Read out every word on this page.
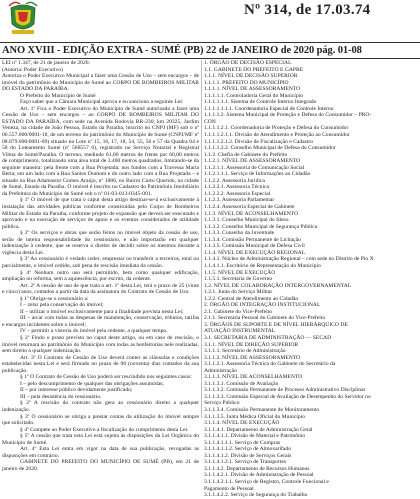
Nº 314, de 17.03.74
ANO XVIII - EDIÇÃO EXTRA - SUMÉ (PB) 22 de JANEIRO de 2020 pág. 01-08

LEI nº 1.347, de 21 de janeiro de 2020.

(Autoria: Poder Executivo)

Autoriza o Poder Executivo Municipal a fazer uma Cessão de Uso – sem encargos – de imóvel do patrimônio do Município de Sumé ao CORPO DE BOMBEIROS MILITAR DO ESTADO DA PARAÍBA.

O Prefeito do Município de Sumé

Faço saber que a Câmara Municipal aprova e eu sanciono a seguinte Lei:

Art. 1º Fica o Poder Executivo do Município de Sumé autorizado a fazer uma Cessão de Uso – sem encargos – ao CORPO DE BOMBEIROS MILITAR DO ESTADO DA PARAÍBA, com sede na Avenida Rodovia BR-230, km 20325, Jardim Veneza, na cidade de João Pessoa, Estado da Paraíba, inscrito no CNPJ (MF) sob o nº 06.557.000/0001-18, de um terreno do patrimônio do Município de Sumé (CNPJ/MF nº 08.879.000/0001-09) situado no Lote nº 15, 16, 17, 18, 54, 55, 56 e 57 da Quadra 04 e 58 do Loteamento Sumé (nº 560557 0), registrado no Serviço Notarial e Registral Vilma de Sumé/Paraíba. O terreno, medindo 81,00 metros de frente por 60,00 metros de comprimento, totalizando uma área total de 3.400 metros quadrados, limitando-se da seguinte maneira: pela frente com a Rua Projetada; nos fundos com a Travessa Maria Berta; em um lado com a Rua Santos Dumont e do outro lado com a Rua Projetada – e situado na Rua Adamastor Gomes Araújo, nº 1886, no Bairro Curto Querido, na cidade de Sumé, Estado da Paraíba. O imóvel é inscrito no Cadastro do Patrimônio Imobiliário da Prefeitura do Município de Sumé sob o nº 01-03-013-0345-001.

§ 1º O imóvel de que trata o caput desta artigo destinar-se-á exclusivamente à instalação das atividades públicas conforme constituídas pelo Corpo de Bombeiros Militar do Estado da Paraíba, conforme projeto de expansão que deverá ser executado e aprovado e na execução de serviços de apoio e os eventos considerados de utilidade pública.

§ 2º Os serviços e obras que serão feitos no imóvel objeto da cessão de uso, serão de inteira responsabilidade do cessionário, e não importarão em qualquer indenização à cedente, que se reserva o direito de decidir sobre os mesmos durante a vigência desta Lei.

§ 3º Ao cessionário é vedado ceder, emprestar ou transferir a terceiros, total ou parcialmente, o imóvel cedido, sob pena de rescisão imediata da cessão.

§ 4º Nenhum outro uso será permitido, bem como qualquer edificação, ampliação ou reforma, sem a aquiescência, por escrito, da cedente.

Art. 2º A cessão de uso de que trata o art. 1º desta Lei, terá o prazo de 25 (vinte e cinco) anos, contados a partir da data da assinatura do Contrato de Cessão de Uso.

§ 1º Obriga-se o cessionário a:

I – zelar pela conservação do imóvel;

II – utilizar o imóvel exclusivamente para a finalidade prevista nesta Lei;

III – arcar com todas as despesas de manutenção, conservação, tributos, tarifas e encargos incidentes sobre o imóvel;

IV – permitir a vistoria do imóvel pela cedente, a qualquer tempo.

§ 2º Findo o prazo previsto no caput deste artigo, ou em caso de rescisão, o imóvel retornará ao patrimônio do Município com todas as benfeitorias nele realizadas, sem direito a qualquer indenização.

Art. 3º O Contrato de Cessão de Uso deverá conter as cláusulas e condições estabelecidas nesta Lei e será firmado no prazo de 90 (noventa) dias contados da sua publicação.

§ 1º O Contrato de Cessão de Uso poderá ser rescindido nos seguintes casos:

I – pelo descumprimento de qualquer das obrigações assumidas;

II – por interesse público devidamente justificado;

III – pela desistência do cessionário.

§ 2º A rescisão do contrato não gera ao cessionário direito a qualquer indenização.

§ 3º O cessionário se obriga a prestar contas da utilização do imóvel sempre que solicitado.

§ 4º Compete ao Poder Executivo a fiscalização do cumprimento desta Lei.

§ 5º A cessão que trata esta Lei está sujeita às disposições da Lei Orgânica do Município de Sumé.

Art. 4º Esta Lei entra em vigor na data de sua publicação, revogadas as disposições em contrário.

GABINETE DO PREFEITO DO MUNICÍPIO DE SUMÉ (PB), em 21 de janeiro de 2020.

1. ÓRGÃO DE DECISÃO ESPECIAL

1.1. GABINETE DO PREFEITO E GAPRE

1.1.1. NÍVEL DE DECISÃO SUPERIOR

1.1.1.1. PREFEITO DO MUNICÍPIO

1.1.1.1. NÍVEL DE ASSESSORAMENTO

1.1.1.1.1. Controladoria Geral do Município

1.1.1.1.1.1. Sistema de Controle Interno Integrado

1.1.1.1.1.1.1. Coordenadoria Especial de Controle Interno

1.1.1.1.2. Sistema Municipal de Proteção e Defesa do Consumidor – PRO-

CON

1.1.1.1.2.1. Coordenadoria de Proteção e Defesa do Consumidor

1.1.1.1.2.1.1. Divisão de Atendimento e Proteção ao Consumidor

1.1.1.1.2.1.2. Divisão de Fiscalização e Cadastro

1.1.1.1.2.2. Conselho Municipal de Defesa do Consumidor

1.1.2. Chefia de Gabinete do Prefeito

1.1.2.1. NÍVEL DE ASSESSORAMENTO

1.1.2.1.1. Assessoria de Comunicação Social

1.1.2.1.1.1. Serviço de Informações ao Cidadão

1.1.2.2. Assessoria Jurídica

1.1.2.2.1. Assessoria Técnica

1.1.2.2.2. Assessoria Especial

1.1.2.3. Assessoria Parlamentar

1.1.2.4. Assessoria Especial de Gabinete

1.1.3. NÍVEL DE ACONSELHAMENTO

1.1.3.1. Conselho Municipal do Idoso

1.1.3.2. Conselho Municipal de Segurança Pública

1.1.3.3. Conselho da Juventude

1.1.3.4. Comissão Permanente de Licitação

1.1.3.5. Comissão Municipal de Defesa Civil

1.1.4. NÍVEL DE EXECUÇÃO REGIONAL

1.1.4.1. Núcleo de Administração Regional – com sede no Distrito de Pio X

1.1.4.1.1. Escritório de Representação do Município

1.1.5. NÍVEL DE EXECUÇÃO

1.1.5.1. Secretaria de Governo

1.2. NÍVEL DE COLABORAÇÃO INTERGOVERNAMENTAL

1.2.1. Junta do Serviço Militar

1.2.2. Central de Atendimento ao Cidadão

2. ÓRGÃO DE INTEGRAÇÃO INSTITUCIONAL

2.1. Gabinete do Vice-Prefeito

2.1.1. Secretaria Pessoal do Gabinete do Vice-Prefeito

3. ÓRGÃOS DE SUPORTE E DE NÍVEL HIERÁRQUICO DE

ATUAÇÃO INSTRUMENTAL

3.1. SECRETARIA DE ADMINISTRAÇÃO — SECAD

3.1.1. NÍVEL DE DIREÇÃO SUPERIOR

3.1.1.1. Secretário de Administração

3.1.1.2. NÍVEL DE ASSESSORAMENTO

3.1.1.2.1. Assessoria Técnica do Gabinete do Secretário da

Administração

3.1.1.3. NÍVEL DE ACONSELHAMENTO

3.1.1.3.1. Comissão de Avaliação

3.1.1.3.2. Comissão Permanente de Processo Administrativo Disciplinar

3.1.1.3.3. Comissão Especial de Avaliação de Desempenho do Servidor no

Serviço Público

3.1.1.3.4. Comissão Permanente de Monitoramento

3.1.1.3.5. Junta Médica Oficial do Município

3.1.1.4. NÍVEL DE EXECUÇÃO

3.1.1.4.1. Departamento de Administração Geral

3.1.1.4.1.1. Divisão de Material e Patrimônio

3.1.1.4.1.1.1. Serviço de Compras

3.1.1.4.1.1.2. Serviço de Almoxarifado

3.1.1.4.1.2. Divisão de Serviços Gerais

3.1.1.4.1.2.1. Serviço de Transportes

3.1.1.4.2. Departamento de Recursos Humanos

3.1.1.4.2.1. Divisão de Administração de Pessoal

3.1.1.4.2.1.1. Serviço de Registro, Controle Funcional e

Pagamento de Pessoal

3.1.1.4.2.2. Serviço de Segurança do Trabalho
